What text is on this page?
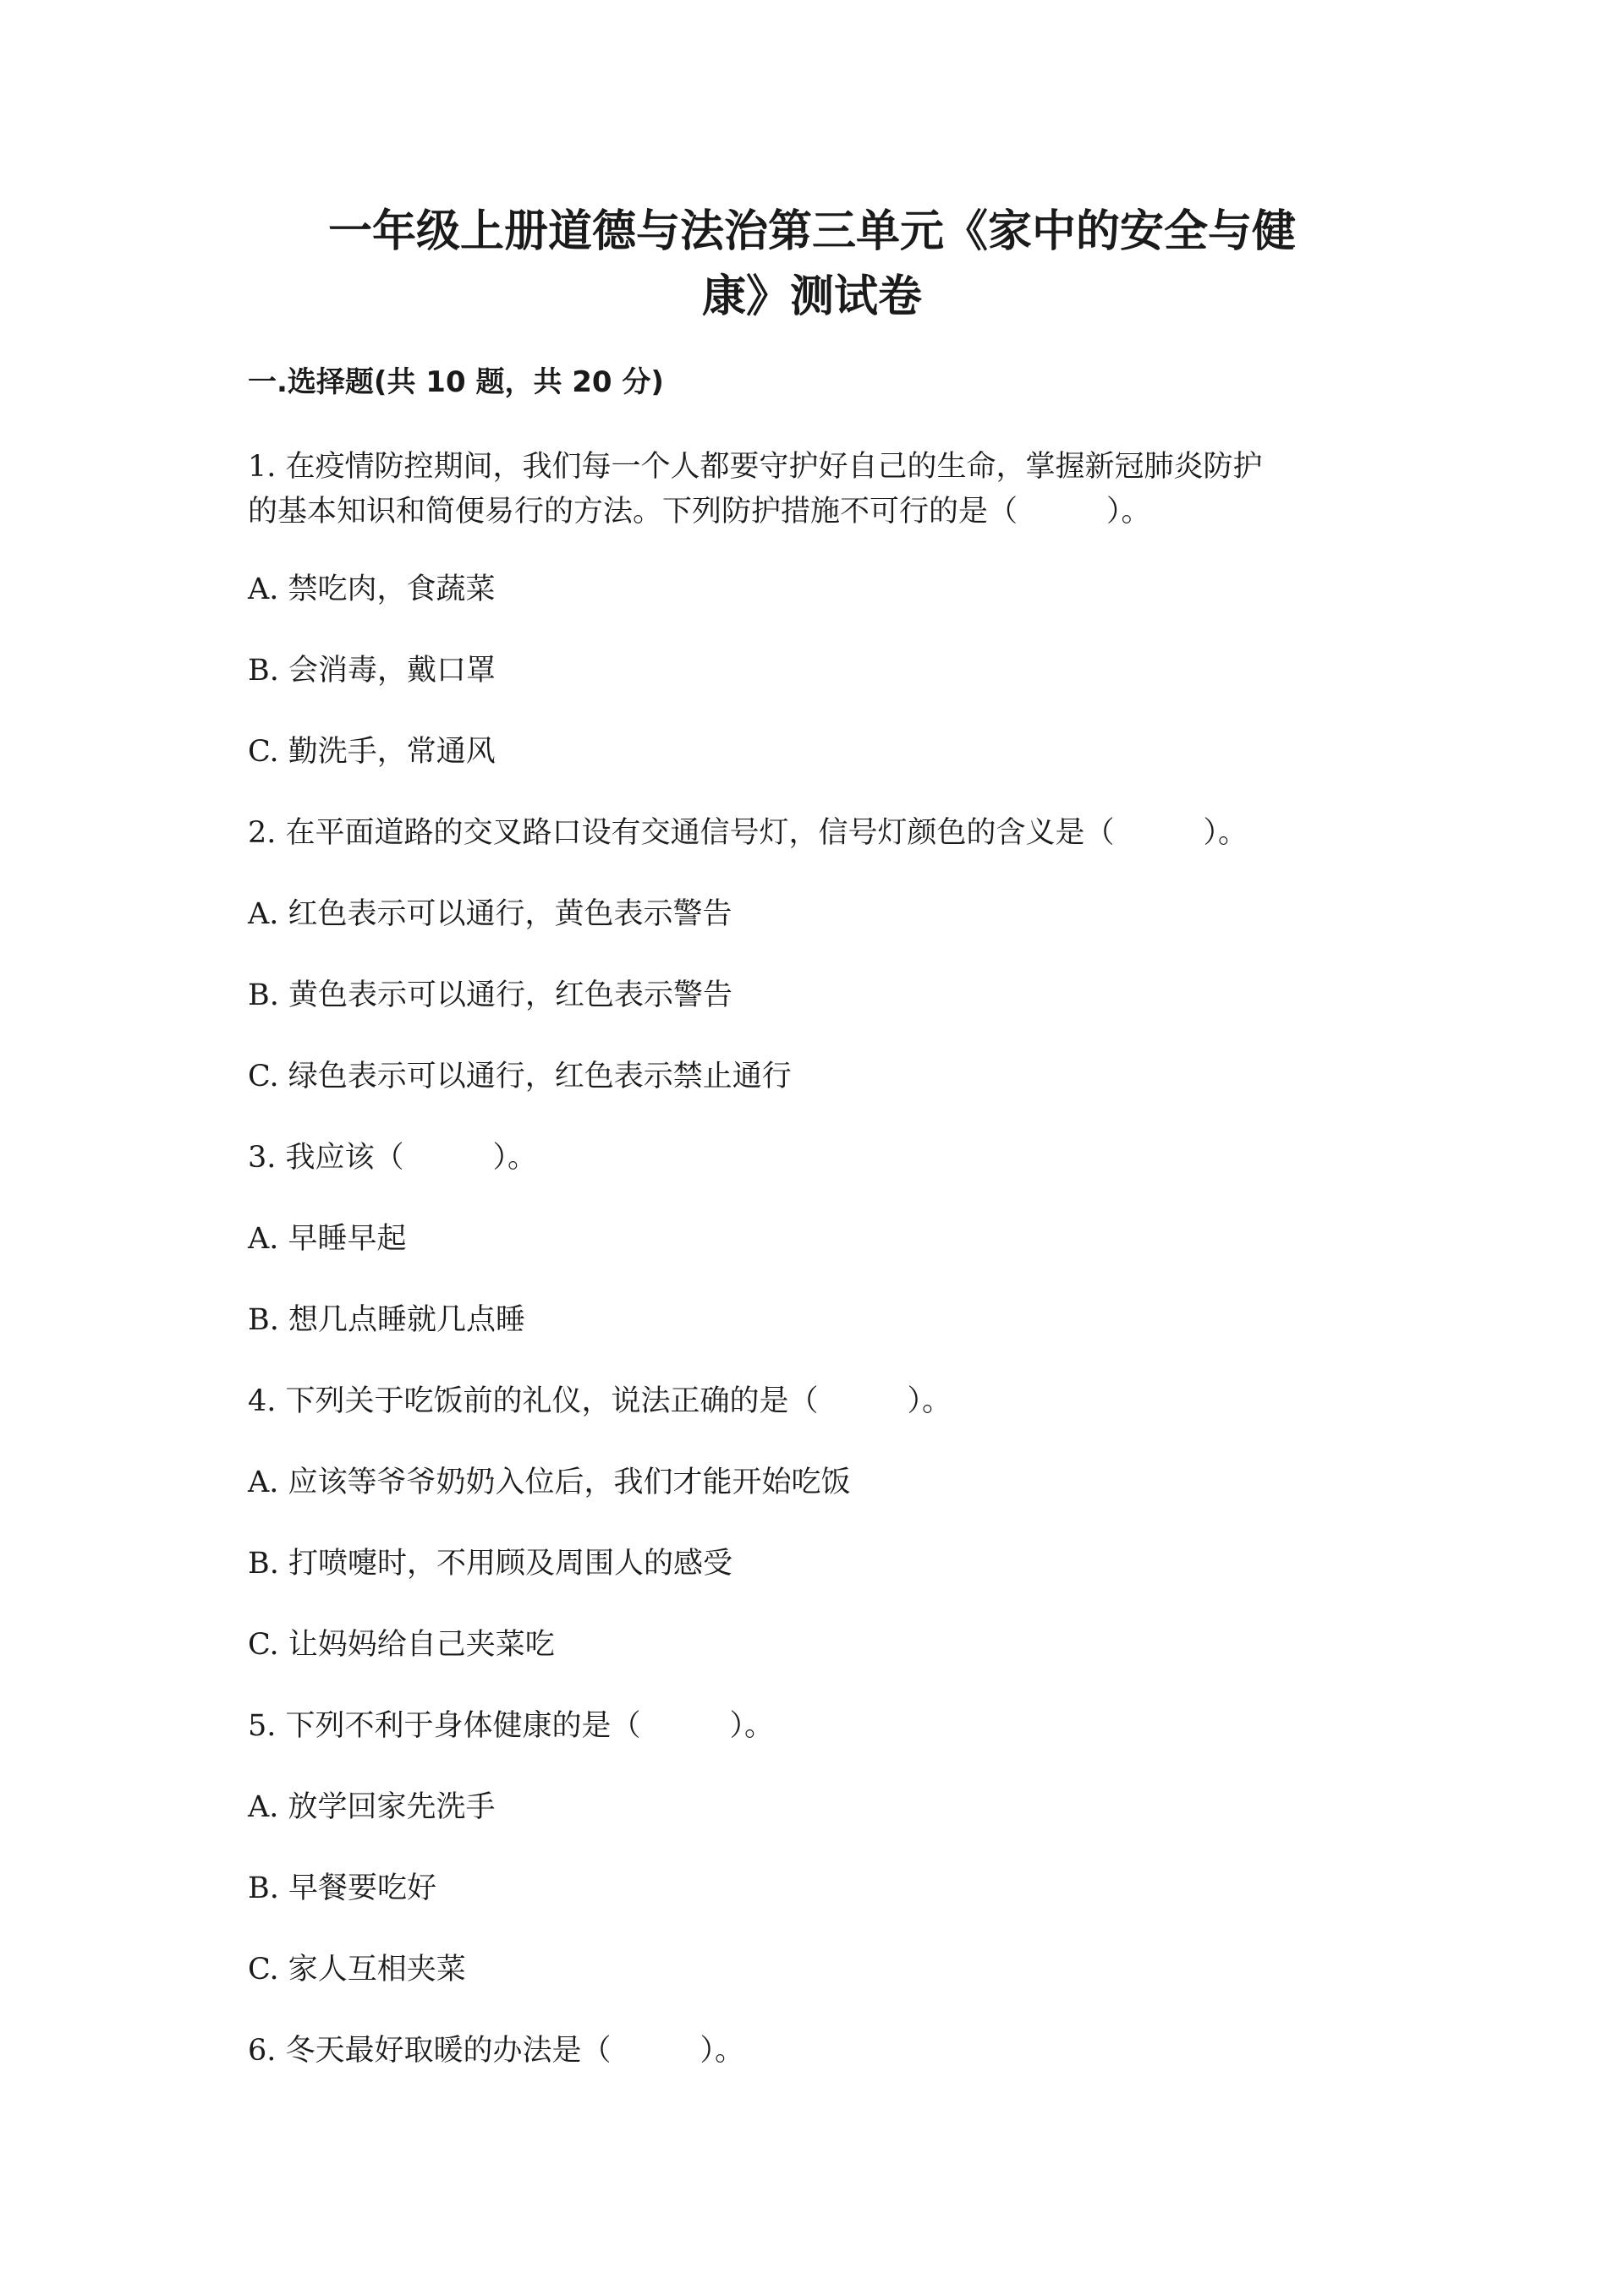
一年级上册道德与法治第三单元《家中的安全与健
康》测试卷
一.选择题(共 10 题，共 20 分)

1. 在疫情防控期间，我们每一个人都要守护好自己的生命，掌握新冠肺炎防护

的基本知识和简便易行的方法。下列防护措施不可行的是（　　　）。

A. 禁吃肉，食蔬菜

B. 会消毒，戴口罩

C. 勤洗手，常通风

2. 在平面道路的交叉路口设有交通信号灯，信号灯颜色的含义是（　　　）。

A. 红色表示可以通行，黄色表示警告

B. 黄色表示可以通行，红色表示警告

C. 绿色表示可以通行，红色表示禁止通行

3. 我应该（　　　）。

A. 早睡早起

B. 想几点睡就几点睡

4. 下列关于吃饭前的礼仪，说法正确的是（　　　）。

A. 应该等爷爷奶奶入位后，我们才能开始吃饭

B. 打喷嚏时，不用顾及周围人的感受

C. 让妈妈给自己夹菜吃

5. 下列不利于身体健康的是（　　　）。

A. 放学回家先洗手

B. 早餐要吃好

C. 家人互相夹菜

6. 冬天最好取暖的办法是（　　　）。
